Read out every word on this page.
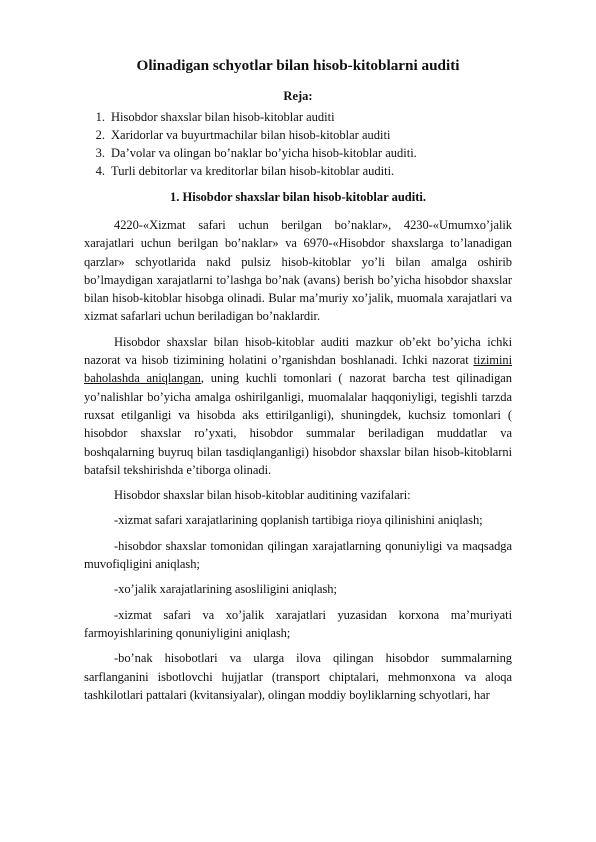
Olinadigan schyotlar bilan hisob-kitoblarni auditi
Reja:
1. Hisobdor shaxslar bilan hisob-kitoblar auditi
2. Xaridorlar va buyurtmachilar bilan hisob-kitoblar auditi
3. Da’volar va olingan bo’naklar bo’yicha hisob-kitoblar auditi.
4. Turli debitorlar va kreditorlar bilan hisob-kitoblar auditi.
1. Hisobdor shaxslar bilan hisob-kitoblar auditi.

4220-«Xizmat safari uchun berilgan bo’naklar», 4230-«Umumxo’jalik xarajatlari uchun berilgan bo’naklar» va 6970-«Hisobdor shaxslarga to’lanadigan qarzlar» schyotlarida nakd pulsiz hisob-kitoblar yo’li bilan amalga oshirib bo’lmaydigan xarajatlarni to’lashga bo’nak (avans) berish bo’yicha hisobdor shaxslar bilan hisob-kitoblar hisobga olinadi. Bular ma’muriy xo’jalik, muomala xarajatlari va xizmat safarlari uchun beriladigan bo’naklardir.

Hisobdor shaxslar bilan hisob-kitoblar auditi mazkur ob’ekt bo’yicha ichki nazorat va hisob tizimining holatini o’rganishdan boshlanadi. Ichki nazorat tizimini baholashda aniqlangan, uning kuchli tomonlari ( nazorat barcha test qilinadigan yo’nalishlar bo’yicha amalga oshirilganligi, muomalalar haqqoniyligi, tegishli tarzda ruxsat etilganligi va hisobda aks ettirilganligi), shuningdek, kuchsiz tomonlari ( hisobdor shaxslar ro’yxati, hisobdor summalar beriladigan muddatlar va boshqalarning buyruq bilan tasdiqlanganligi) hisobdor shaxslar bilan hisob-kitoblarni batafsil tekshirishda e’tiborga olinadi.

Hisobdor shaxslar bilan hisob-kitoblar auditining vazifalari:

-xizmat safari xarajatlarining qoplanish tartibiga rioya qilinishini aniqlash;

-hisobdor shaxslar tomonidan qilingan xarajatlarning qonuniyligi va maqsadga muvofiqligini aniqlash;

-xo’jalik xarajatlarining asosliligini aniqlash;

-xizmat safari va xo’jalik xarajatlari yuzasidan korxona ma’muriyati farmoyishlarining qonuniyligini aniqlash;

-bo’nak hisobotlari va ularga ilova qilingan hisobdor summalarning sarflanganini isbotlovchi hujjatlar (transport chiptalari, mehmonxona va aloqa tashkilotlari pattalari (kvitansiyalar), olingan moddiy boyliklarning schyotlari, har
